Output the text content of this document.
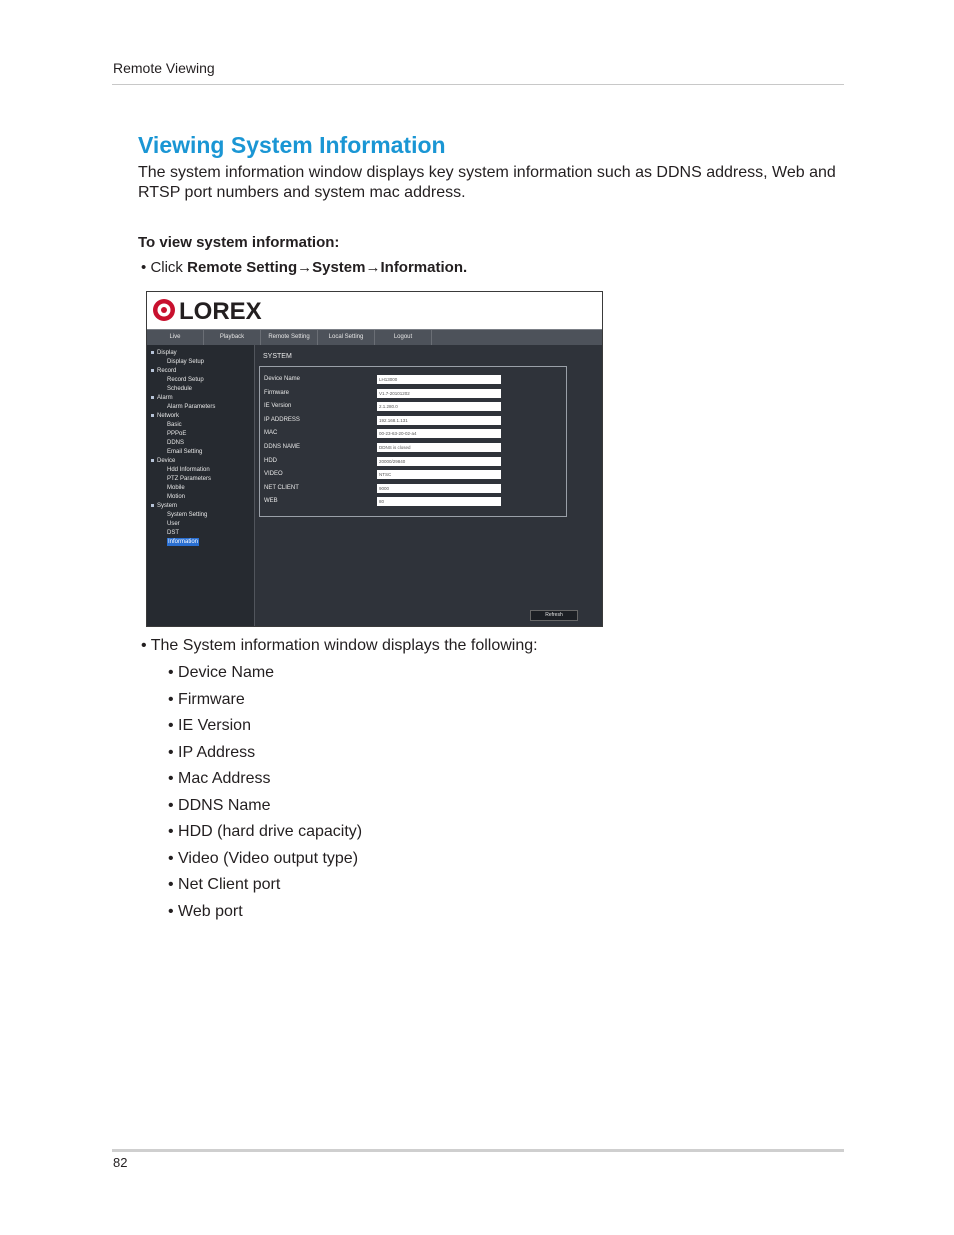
Remote Viewing
Viewing System Information

The system information window displays key system information such as DDNS address, Web and RTSP port numbers and system mac address.

To view system information:
• Click Remote Setting→System→Information.
LOREX
Live	Playback	Remote Setting	Local Setting	Logout
Display
Display Setup
Record
Record Setup
Schedule
Alarm
Alarm Parameters
Network
Basic
PPPoE
DDNS
Email Setting
Device
Hdd Information
PTZ Parameters
Mobile
Motion
System
System Setting
User
DST
Information
SYSTEM
Device Name	LH13000
Firmware	V1.7-20101202
IE Version	2.1.280.0
IP ADDRESS	192.168.1.131
MAC	00-23-63-20-02-a4
DDNS NAME	DDNS is closed
HDD	20000/29840
VIDEO	NTSC
NET CLIENT	9000
WEB	80
Refresh
• The System information window displays the following:
• Device Name
• Firmware
• IE Version
• IP Address
• Mac Address
• DDNS Name
• HDD (hard drive capacity)
• Video (Video output type)
• Net Client port
• Web port
82
